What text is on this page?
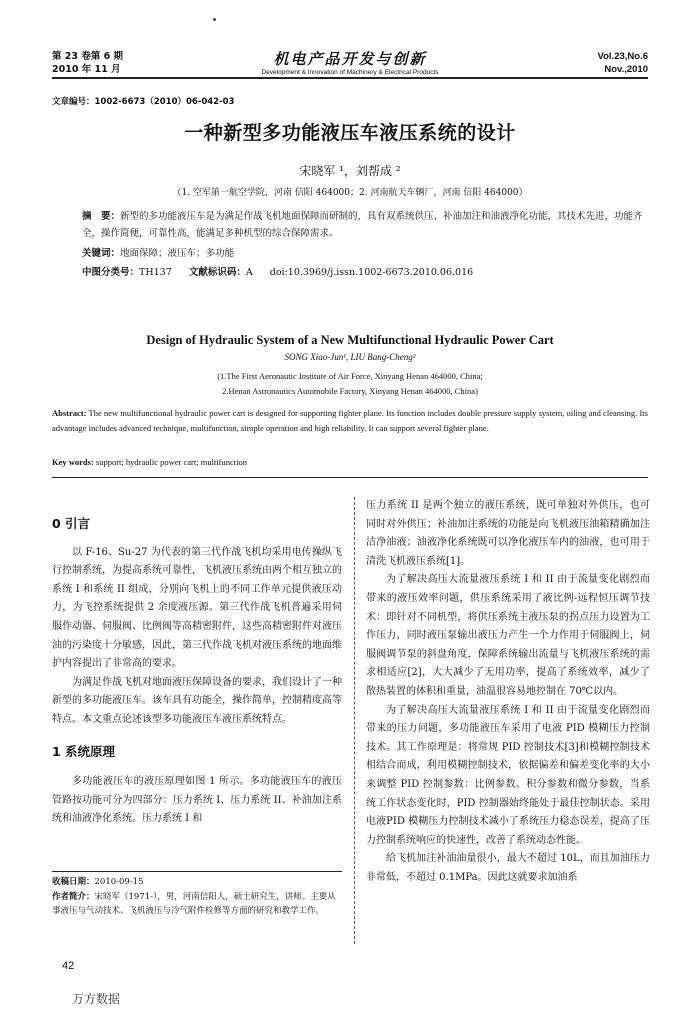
第 23 卷第 6 期
2010 年 11 月
机电产品开发与创新
Development & Innovation of Machinery & Electrical Products
Vol.23,No.6
Nov.,2010
文章编号：1002-6673（2010）06-042-03
一种新型多功能液压车液压系统的设计
宋晓军 ¹，刘帮成 ²
（1. 空军第一航空学院，河南 信阳 464000；2. 河南航天车辆厂，河南 信阳 464000）
摘　要：新型的多功能液压车是为满足作战飞机地面保障而研制的，具有双系统供压、补油加注和油液净化功能，其技术先进，功能齐全，操作简便，可靠性高，能满足多种机型的综合保障需求。
关键词：地面保障；液压车；多功能
中图分类号：TH137 文献标识码：A doi:10.3969/j.issn.1002-6673.2010.06.016
Design of Hydraulic System of a New Multifunctional Hydraulic Power Cart
SONG Xiao-Jun¹, LIU Bang-Cheng²
(1.The First Aeronautic Institute of Air Force, Xinyang Henan 464000, China;
2.Henan Astronautics Automobile Factory, Xinyang Henan 464000, China)
Abstract: The new multifunctional hydraulic power cart is designed for supporting fighter plane. Its function includes double pressure supply system, oiling and cleansing. Its advantage includes advanced technique, multifunction, simple operation and high reliability. It can support several fighter plane.
Key words: support; hydraulic power cart; multifunction
0 引言

以 F-16、Su-27 为代表的第三代作战飞机均采用电传操纵飞行控制系统，为提高系统可靠性，飞机液压系统由两个相互独立的系统 I 和系统 II 组成，分别向飞机上的不同工作单元提供液压动力，为飞控系统提供 2 余度液压源。第三代作战飞机普遍采用伺服作动器、伺服阀、比例阀等高精密附件，这些高精密附件对液压油的污染度十分敏感，因此，第三代作战飞机对液压系统的地面维护内容提出了非常高的要求。

为满足作战飞机对地面液压保障设备的要求，我们设计了一种新型的多功能液压车。该车具有功能全，操作简单，控制精度高等特点。本文重点论述该型多功能液压车液压系统特点。

1 系统原理

多功能液压车的液压原理如图 1 所示。多功能液压车的液压管路按功能可分为四部分：压力系统 I、压力系统 II、补油加注系统和油液净化系统。压力系统 I 和

收稿日期：2010-09-15
作者简介：宋晓军（1971-），男，河南信阳人，硕士研究生，讲师。主要从事液压与气动技术、飞机液压与冷气附件检修等方面的研究和教学工作。

压力系统 II 是两个独立的液压系统，既可单独对外供压，也可同时对外供压；补油加注系统的功能是向飞机液压油箱精确加注洁净油液；油液净化系统既可以净化液压车内的油液，也可用于清洗飞机液压系统[1]。

为了解决高压大流量液压系统 I 和 II 由于流量变化剧烈而带来的液压效率问题，供压系统采用了液比例-远程恒压调节技术：即针对不同机型，将供压系统主液压泵的拐点压力设置为工作压力，同时液压泵输出液压力产生一个力作用于伺服阀上，伺服阀调节泵的斜盘角度，保障系统输出流量与飞机液压系统的需求相适应[2]，大大减少了无用功率，提高了系统效率，减少了散热装置的体积和重量，油温很容易地控制在 70℃以内。

为了解决高压大流量液压系统 I 和 II 由于流量变化剧烈而带来的压力问题，多功能液压车采用了电液 PID 模糊压力控制技术。其工作原理是：将常规 PID 控制技术[3]和模糊控制技术相结合而成，利用模糊控制技术，依据偏差和偏差变化率的大小来调整 PID 控制参数：比例参数、积分参数和微分参数，当系统工作状态变化时，PID 控制器始终能处于最佳控制状态。采用电液PID 模糊压力控制技术减小了系统压力稳态误差，提高了压力控制系统响应的快速性，改善了系统动态性能。

给飞机加注补油油量很小，最大不超过 10L，而且加油压力非常低，不超过 0.1MPa。因此这就要求加油系

42
万方数据
